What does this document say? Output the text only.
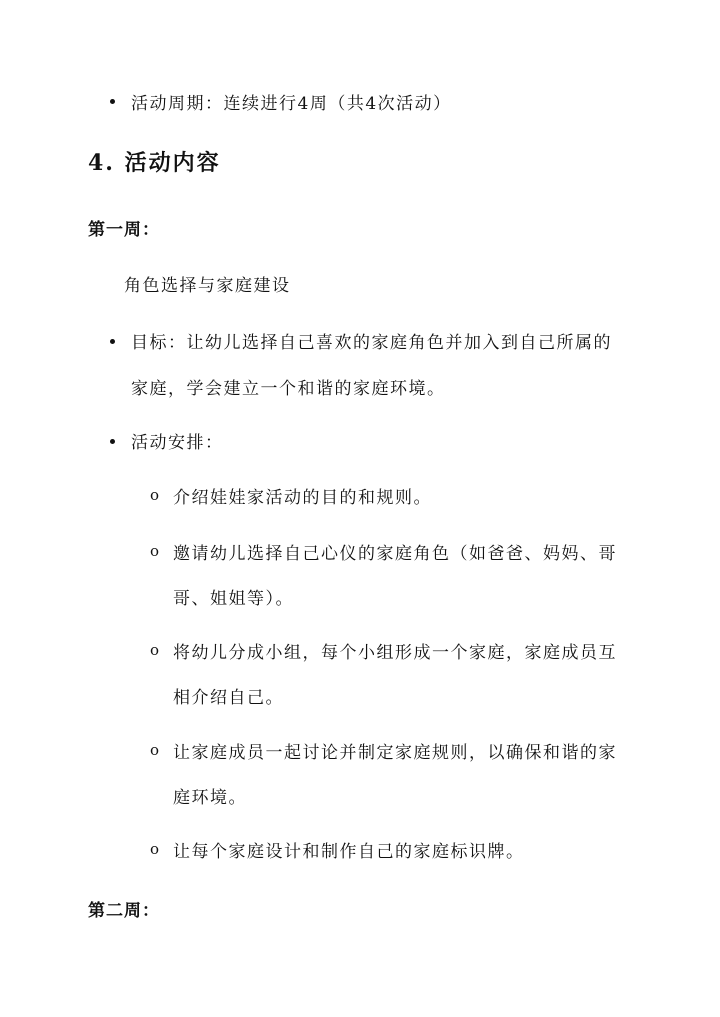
活动周期：连续进行4周（共4次活动）
4. 活动内容
第一周：
角色选择与家庭建设
目标：让幼儿选择自己喜欢的家庭角色并加入到自己所属的
家庭，学会建立一个和谐的家庭环境。
活动安排：
o 介绍娃娃家活动的目的和规则。
o 邀请幼儿选择自己心仪的家庭角色（如爸爸、妈妈、哥
哥、姐姐等）。
o 将幼儿分成小组，每个小组形成一个家庭，家庭成员互
相介绍自己。
o 让家庭成员一起讨论并制定家庭规则，以确保和谐的家
庭环境。
o 让每个家庭设计和制作自己的家庭标识牌。
第二周：
